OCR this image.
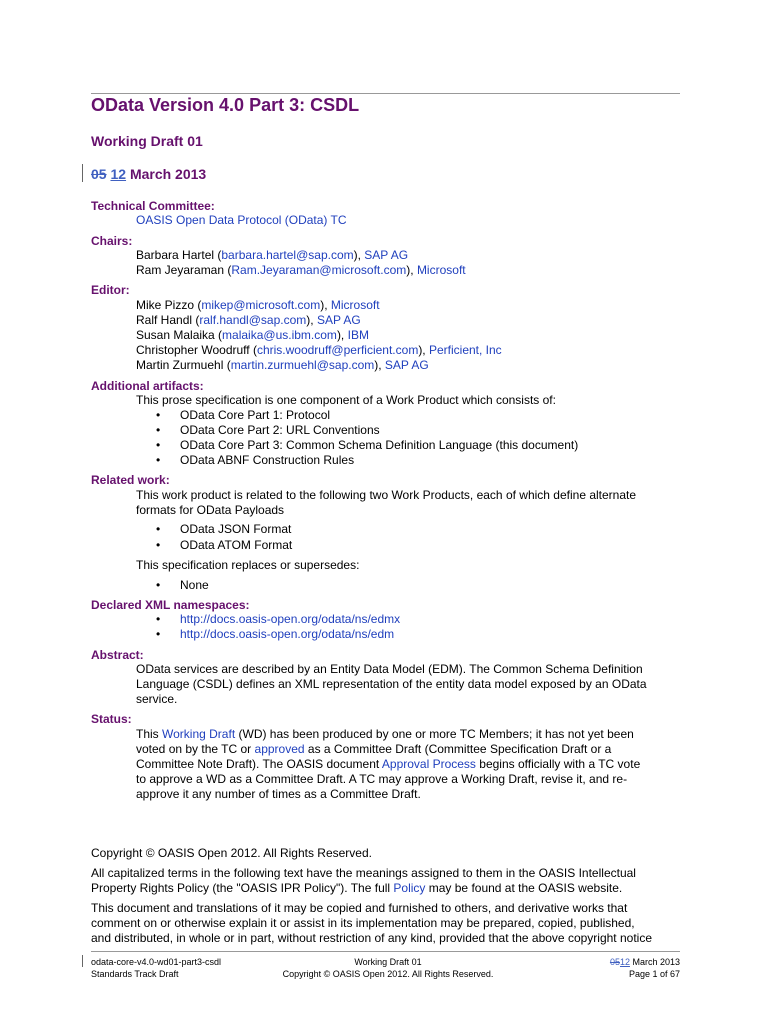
OData Version 4.0 Part 3: CSDL
Working Draft 01
05 12 March 2013
Technical Committee:
OASIS Open Data Protocol (OData) TC
Chairs:
Barbara Hartel (barbara.hartel@sap.com), SAP AG
Ram Jeyaraman (Ram.Jeyaraman@microsoft.com), Microsoft
Editor:
Mike Pizzo (mikep@microsoft.com), Microsoft
Ralf Handl (ralf.handl@sap.com), SAP AG
Susan Malaika (malaika@us.ibm.com), IBM
Christopher Woodruff (chris.woodruff@perficient.com), Perficient, Inc
Martin Zurmuehl (martin.zurmuehl@sap.com), SAP AG
Additional artifacts:
This prose specification is one component of a Work Product which consists of:
• OData Core Part 1: Protocol
• OData Core Part 2: URL Conventions
• OData Core Part 3: Common Schema Definition Language (this document)
• OData ABNF Construction Rules
Related work:
This work product is related to the following two Work Products, each of which define alternate
formats for OData Payloads
• OData JSON Format
• OData ATOM Format
This specification replaces or supersedes:
• None
Declared XML namespaces:
• http://docs.oasis-open.org/odata/ns/edmx
• http://docs.oasis-open.org/odata/ns/edm
Abstract:
OData services are described by an Entity Data Model (EDM). The Common Schema Definition
Language (CSDL) defines an XML representation of the entity data model exposed by an OData
service.
Status:
This Working Draft (WD) has been produced by one or more TC Members; it has not yet been
voted on by the TC or approved as a Committee Draft (Committee Specification Draft or a
Committee Note Draft). The OASIS document Approval Process begins officially with a TC vote
to approve a WD as a Committee Draft. A TC may approve a Working Draft, revise it, and re-
approve it any number of times as a Committee Draft.
Copyright © OASIS Open 2012. All Rights Reserved.
All capitalized terms in the following text have the meanings assigned to them in the OASIS Intellectual
Property Rights Policy (the "OASIS IPR Policy"). The full Policy may be found at the OASIS website.
This document and translations of it may be copied and furnished to others, and derivative works that
comment on or otherwise explain it or assist in its implementation may be prepared, copied, published,
and distributed, in whole or in part, without restriction of any kind, provided that the above copyright notice
odata-core-v4.0-wd01-part3-csdl
Standards Track Draft
Working Draft 01
Copyright © OASIS Open 2012. All Rights Reserved.
0512 March 2013
Page 1 of 67
